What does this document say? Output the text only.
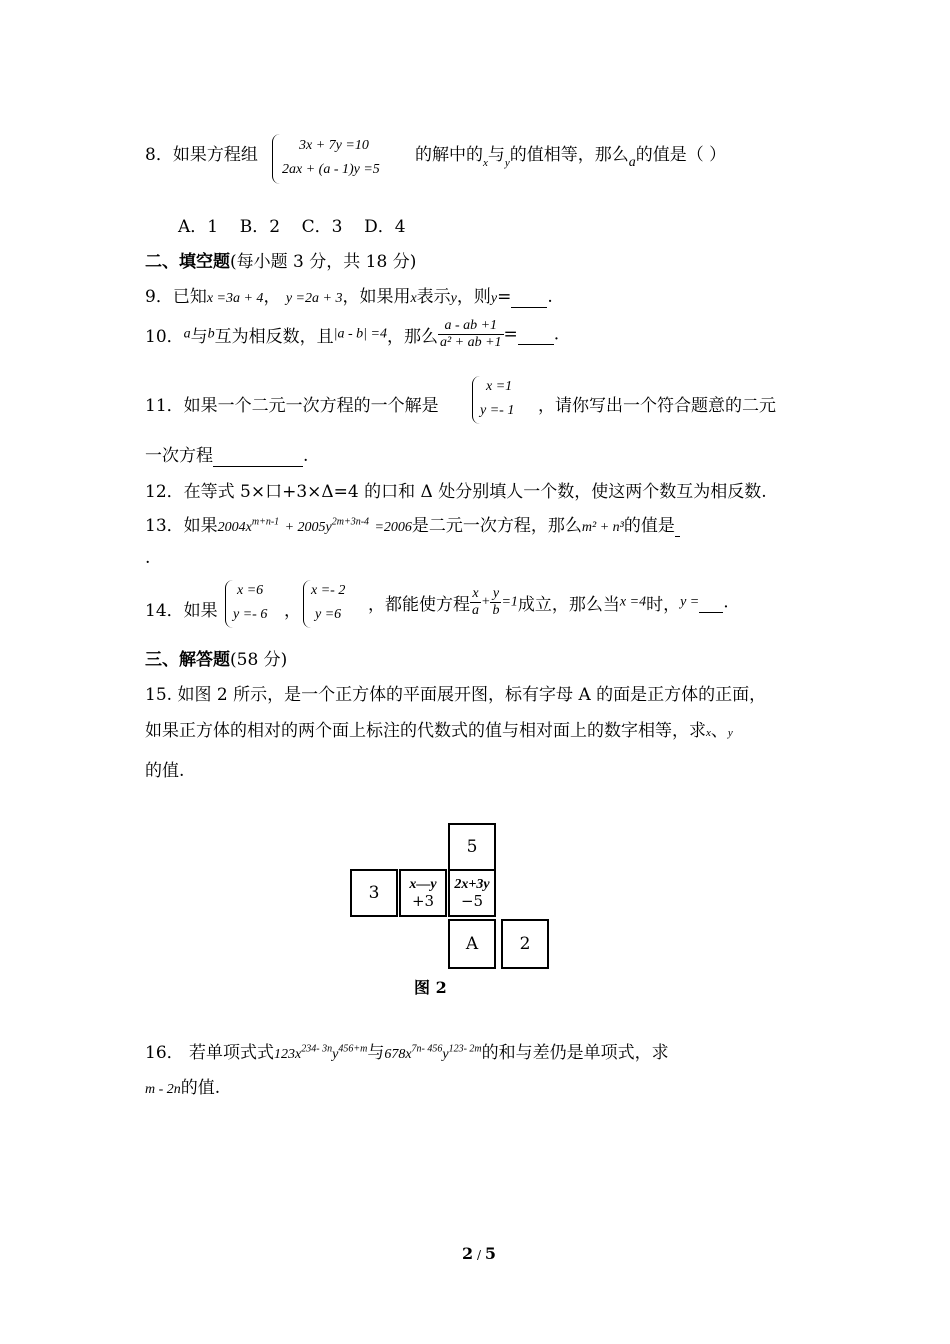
8．如果方程组	3x + 7y =10
2ax + (a - 1)y =5
的解中的$_x$与$_y$的值相等，那么$_a$的值是（ ）
A．1    B．2    C．3    D．4
二、填空题(每小题 3 分，共 18 分)
9．已知x =3a + 4， y =2a + 3，如果用x表示y，则y= .
10．a与b互为相反数，且|a - b| =4，那么 $\frac{a - ab +1}{\text{a² + ab +1}}$ = .
11．如果一个二元一次方程的一个解是
x =1
y =- 1 ，请你写出一个符合题意的二元
一次方程	.
12．在等式 5×口+3×Δ=4 的口和 Δ 处分别填人一个数，使这两个数互为相反数.
13．如果$2004x^{m+n-1} + 2005y^{2m+3n-4} =2006$是二元一次方程，那么m² + n³的值是
.
14．如果
x =6
y =- 6 ，
x =- 2
y =6 ，都能使方程 $\frac{x}{a} + \frac{y}{b} =1$成立，那么当x =4时，y = .
三、解答题(58 分)
15. 如图 2 所示，是一个正方体的平面展开图，标有字母 A 的面是正方体的正面，
如果正方体的相对的两个面上标注的代数式的值与相对面上的数字相等，求x、y
的值.
5
3	x—y
+3
2x+3y
−5
A	2
图 2
16． 若单项式式$123x^{234- 3n}y^{456+m}$与$678x^{7n- 456}y^{123- 2m}$的和与差仍是单项式，求
m - 2n的值.
2 / 5
